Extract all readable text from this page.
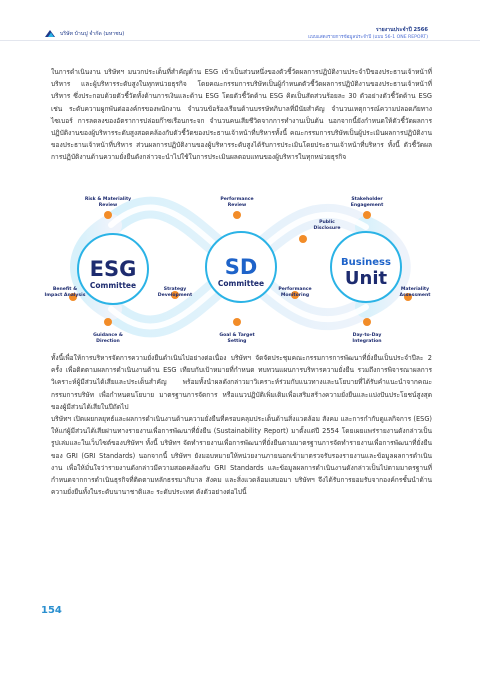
บริษัท บ้านปู จำกัด (มหาชน)
รายงานประจำปี 2566
แบบแสดงรายการข้อมูลประจำปี (แบบ 56-1 ONE REPORT)

ในการดำเนินงาน บริษัทฯ มนวกประเด็นที่สำคัญด้าน ESG เข้าเป็นส่วนหนึ่งของตัวชี้วัดผลการปฏิบัติงานประจำปีของประธานเจ้าหน้าที่บริหาร และผู้บริหารระดับสูงในทุกหน่วยธุรกิจ โดยคณะกรรมการบริษัทเป็นผู้กำหนดตัวชี้วัดผลการปฏิบัติงานของประธานเจ้าหน้าที่บริหาร ซึ่งประกอบด้วยตัวชี้วัดทั้งด้านการเงินและด้าน ESG โดยตัวชี้วัดด้าน ESG คิดเป็นสัดส่วนร้อยละ 30 ตัวอย่างตัวชี้วัดด้าน ESG เช่น ระดับความผูกพันต่อองค์กรของพนักงาน จำนวนข้อร้องเรียนด้านบรรษัทภิบาลที่มีนัยสำคัญ จำนวนเหตุการณ์ความปลอดภัยทางไซเบอร์ การลดลงของอัตราการปล่อยก๊าซเรือนกระจก จำนวนคนเสียชีวิตจากการทำงานเป็นต้น นอกจากนี้ยังกำหนดให้ตัวชี้วัดผลการปฏิบัติงานของผู้บริหารระดับสูงสอดคล้องกับตัวชี้วัดของประธานเจ้าหน้าที่บริหารทั้งนี้ คณะกรรมการบริษัทเป็นผู้ประเมินผลการปฏิบัติงานของประธานเจ้าหน้าที่บริหาร ส่วนผลการปฏิบัติงานของผู้บริหารระดับสูงได้รับการประเมินโดยประธานเจ้าหน้าที่บริหาร ทั้งนี้ ตัวชี้วัดผลการปฏิบัติงานด้านความยั่งยืนดังกล่าวจะนำไปใช้ในการประเมินผลตอบแทนของผู้บริหารในทุกหน่วยธุรกิจ

ESG
Committee
SD
Committee
Business
Unit
Risk & Materiality
Review
Performance
Review
Stakeholder
Engagement
Public
Disclosure
Benefit &
Impact Analysis
Strategy
Development
Performance
Monitoring
Materiality
Assessment
Guidance &
Direction
Goal & Target
Setting
Day-to-Day
Integration

ทั้งนี้เพื่อให้การบริหารจัดการความยั่งยืนดำเนินไปอย่างต่อเนื่อง บริษัทฯ จัดจัดประชุมคณะกรรมการการพัฒนาที่ยั่งยืนเป็นประจำปีละ 2 ครั้ง เพื่อติดตามผลการดำเนินงานด้าน ESG เทียบกับเป้าหมายที่กำหนด ทบทวนแผนการบริหารความยั่งยืน รวมถึงการพิจารณาผลการวิเคราะห์ผู้มีส่วนได้เสียและประเด็นสำคัญ พร้อมทั้งนำผลดังกล่าวมาวิเคราะห์ร่วมกับแนวทางและนโยบายที่ได้รับคำแนะนำจากคณะกรรมการบริษัท เพื่อกำหนดนโยบาย มาตรฐานการจัดการ หรือแนวปฏิบัติเพิ่มเติมเพื่อเสริมสร้างความยั่งยืนและแบ่งปันประโยชน์สูงสุดของผู้มีส่วนได้เสียในปีถัดไป

บริษัทฯ เปิดเผยกลยุทธ์และผลการดำเนินงานด้านความยั่งยืนที่ครอบคลุมประเด็นด้านสิ่งแวดล้อม สังคม และการกำกับดูแลกิจการ (ESG) ให้แก่ผู้มีส่วนได้เสียผ่านทางรายงานเพื่อการพัฒนาที่ยั่งยืน (Sustainability Report) มาตั้งแต่ปี 2554 โดยเผยแพร่รายงานดังกล่าวเป็นรูปเล่มและในเว็บไซต์ของบริษัทฯ ทั้งนี้ บริษัทฯ จัดทำรายงานเพื่อการพัฒนาที่ยั่งยืนตามมาตรฐานการจัดทำรายงานเพื่อการพัฒนาที่ยั่งยืนของ GRI (GRI Standards) นอกจากนี้ บริษัทฯ ยังมอบหมายให้หน่วยงานภายนอกเข้ามาตรวจรับรองรายงานและข้อมูลผลการดำเนินงาน เพื่อให้มั่นใจว่ารายงานดังกล่าวมีความสอดคล้องกับ GRI Standards และข้อมูลผลการดำเนินงานดังกล่าวเป็นไปตามมาตรฐานที่กำหนดจากการดำเนินธุรกิจที่ติดตามหลักธรรมาภิบาล สังคม และสิ่งแวดล้อมเสมอมา บริษัทฯ จึงได้รับการยอมรับจากองค์กรชั้นนำด้านความยั่งยืนทั้งในระดับนานาชาติและ ระดับประเทศ ดังตัวอย่างต่อไปนี้

154
